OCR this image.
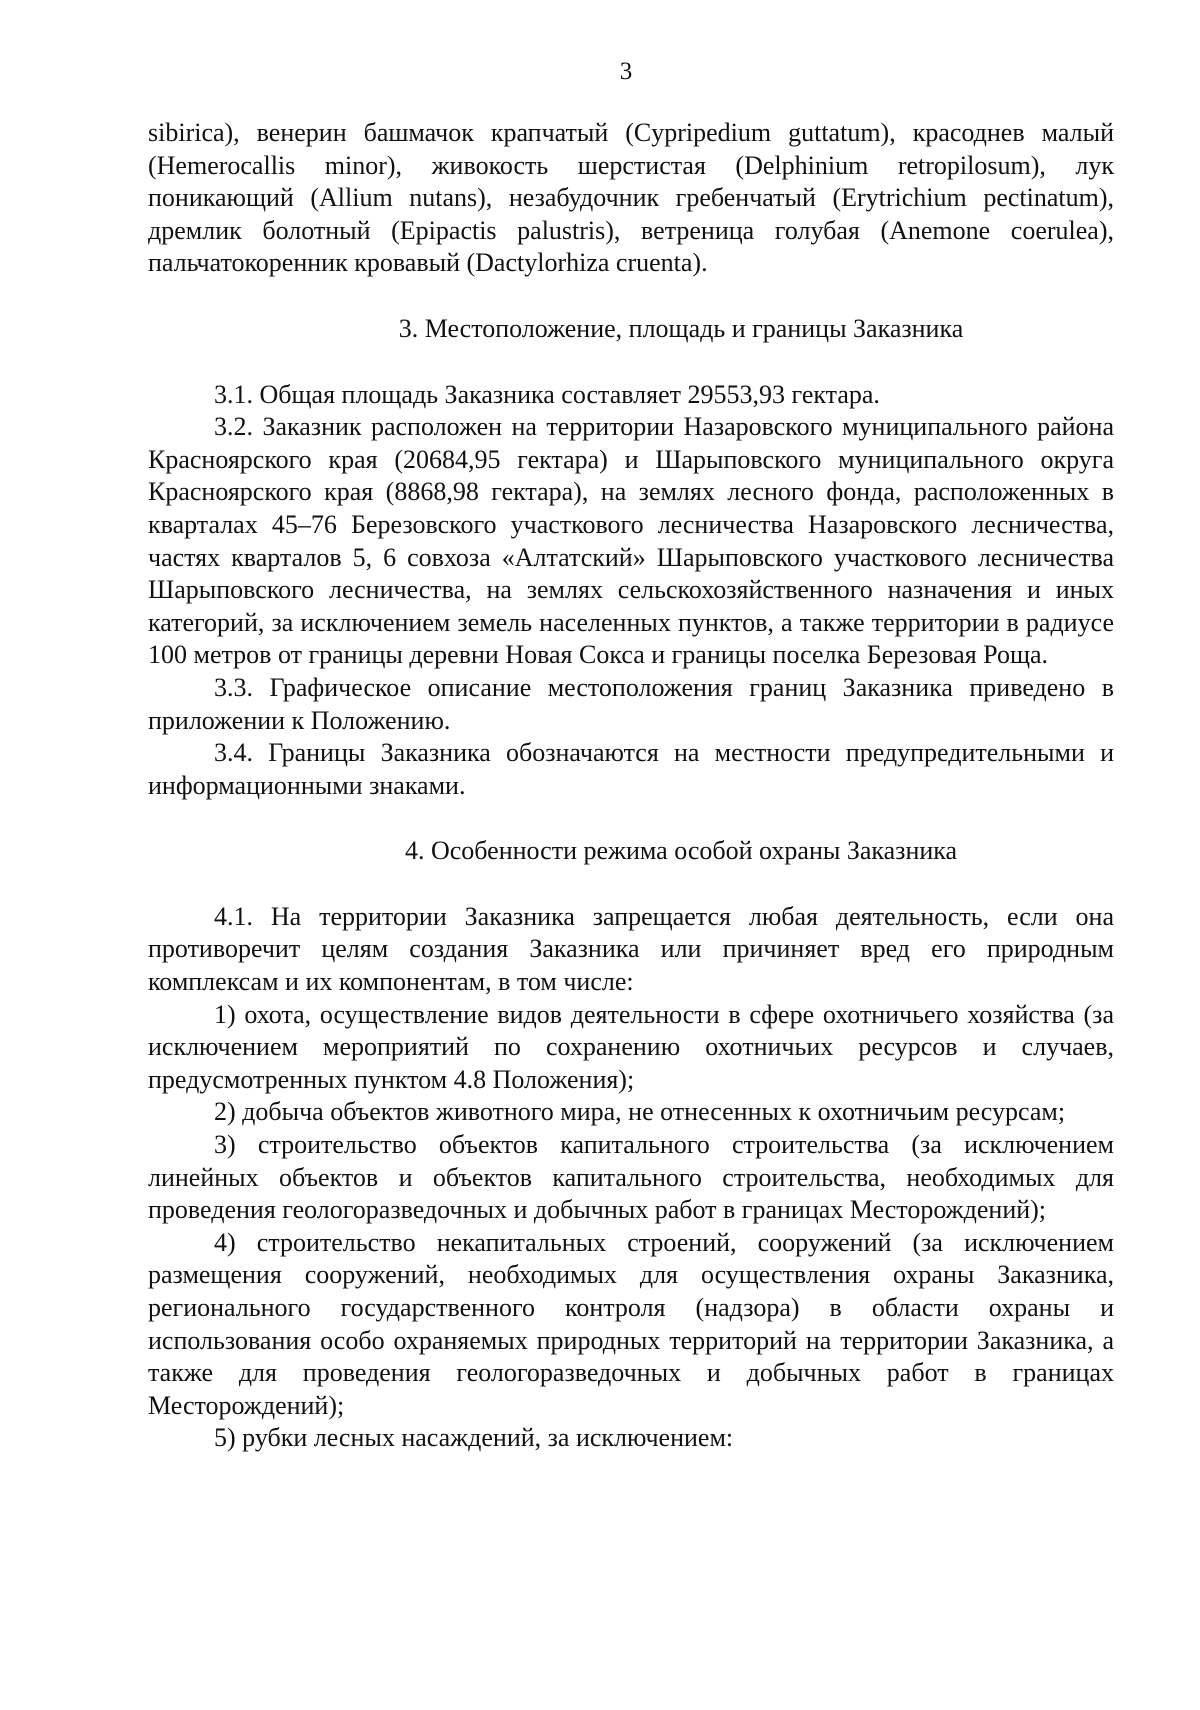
3

sibirica), венерин башмачок крапчатый (Cypripedium guttatum), красоднев малый (Hemerocallis minor), живокость шерстистая (Delphinium retropilosum), лук поникающий (Allium nutans), незабудочник гребенчатый (Erytrichium pectinatum), дремлик болотный (Epipactis palustris), ветреница голубая (Anemone coerulea), пальчатокоренник кровавый (Dactylorhiza cruenta).

3. Местоположение, площадь и границы Заказника

3.1. Общая площадь Заказника составляет 29553,93 гектара.

3.2. Заказник расположен на территории Назаровского муниципального района Красноярского края (20684,95 гектара) и Шарыповского муниципального округа Красноярского края (8868,98 гектара), на землях лесного фонда, расположенных в кварталах 45–76 Березовского участкового лесничества Назаровского лесничества, частях кварталов 5, 6 совхоза «Алтатский» Шарыповского участкового лесничества Шарыповского лесничества, на землях сельскохозяйственного назначения и иных категорий, за исключением земель населенных пунктов, а также территории в радиусе 100 метров от границы деревни Новая Сокса и границы поселка Березовая Роща.

3.3. Графическое описание местоположения границ Заказника приведено в приложении к Положению.

3.4. Границы Заказника обозначаются на местности предупредительными и информационными знаками.

4. Особенности режима особой охраны Заказника

4.1. На территории Заказника запрещается любая деятельность, если она противоречит целям создания Заказника или причиняет вред его природным комплексам и их компонентам, в том числе:

1) охота, осуществление видов деятельности в сфере охотничьего хозяйства (за исключением мероприятий по сохранению охотничьих ресурсов и случаев, предусмотренных пунктом 4.8 Положения);

2) добыча объектов животного мира, не отнесенных к охотничьим ресурсам;

3) строительство объектов капитального строительства (за исключением линейных объектов и объектов капитального строительства, необходимых для проведения геологоразведочных и добычных работ в границах Месторождений);

4) строительство некапитальных строений, сооружений (за исключением размещения сооружений, необходимых для осуществления охраны Заказника, регионального государственного контроля (надзора) в области охраны и использования особо охраняемых природных территорий на территории Заказника, а также для проведения геологоразведочных и добычных работ в границах Месторождений);

5) рубки лесных насаждений, за исключением:
